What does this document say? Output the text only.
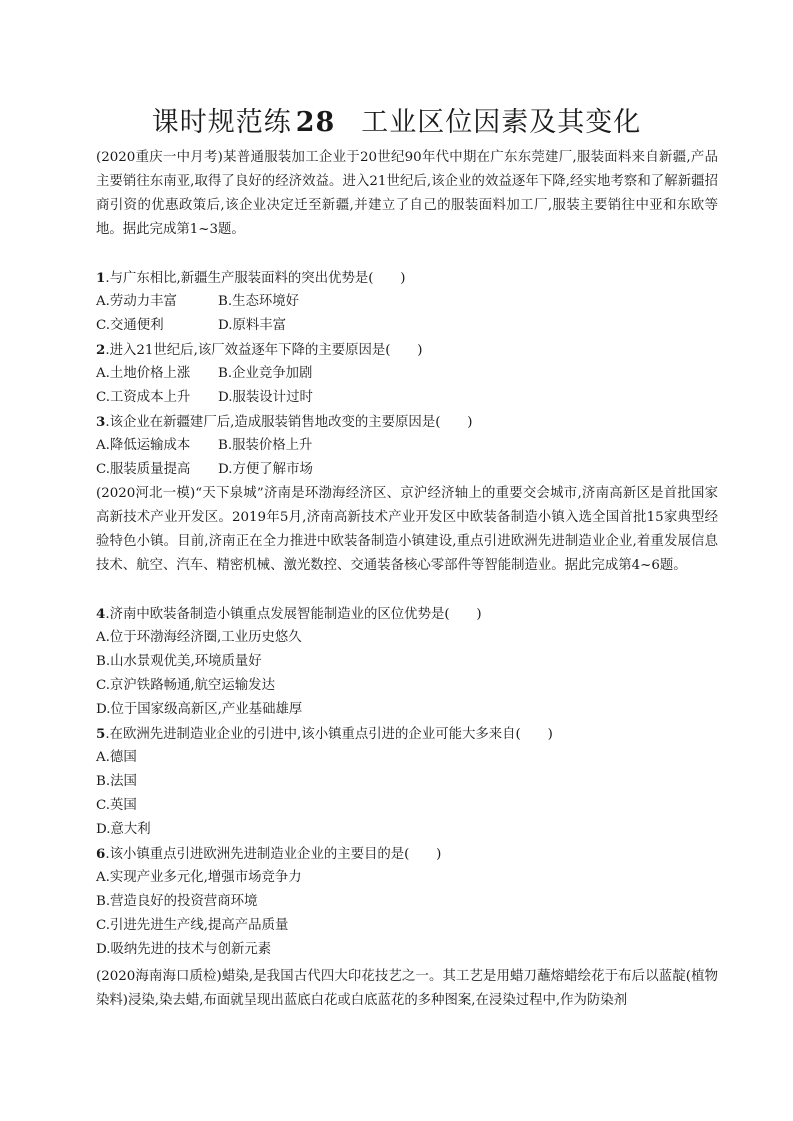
课时规范练 28 工业区位因素及其变化
(2020重庆一中月考)某普通服装加工企业于20世纪90年代中期在广东东莞建厂,服装面料来自新疆,产品主要销往东南亚,取得了良好的经济效益。进入21世纪后,该企业的效益逐年下降,经实地考察和了解新疆招商引资的优惠政策后,该企业决定迁至新疆,并建立了自己的服装面料加工厂,服装主要销往中亚和东欧等地。据此完成第1~3题。
1.与广东相比,新疆生产服装面料的突出优势是(　　)
A.劳动力丰富	B.生态环境好
C.交通便利	D.原料丰富
2.进入21世纪后,该厂效益逐年下降的主要原因是(　　)
A.土地价格上涨 B.企业竞争加剧
C.工资成本上升 D.服装设计过时
3.该企业在新疆建厂后,造成服装销售地改变的主要原因是(　　)
A.降低运输成本 B.服装价格上升
C.服装质量提高 D.方便了解市场
(2020河北一模)“天下泉城”济南是环渤海经济区、京沪经济轴上的重要交会城市,济南高新区是首批国家高新技术产业开发区。2019年5月,济南高新技术产业开发区中欧装备制造小镇入选全国首批15家典型经验特色小镇。目前,济南正在全力推进中欧装备制造小镇建设,重点引进欧洲先进制造业企业,着重发展信息技术、航空、汽车、精密机械、激光数控、交通装备核心零部件等智能制造业。据此完成第4~6题。
4.济南中欧装备制造小镇重点发展智能制造业的区位优势是(　　)
A.位于环渤海经济圈,工业历史悠久
B.山水景观优美,环境质量好
C.京沪铁路畅通,航空运输发达
D.位于国家级高新区,产业基础雄厚
5.在欧洲先进制造业企业的引进中,该小镇重点引进的企业可能大多来自(　　)
A.德国
B.法国
C.英国
D.意大利
6.该小镇重点引进欧洲先进制造业企业的主要目的是(　　)
A.实现产业多元化,增强市场竞争力
B.营造良好的投资营商环境
C.引进先进生产线,提高产品质量
D.吸纳先进的技术与创新元素
(2020海南海口质检)蜡染,是我国古代四大印花技艺之一。其工艺是用蜡刀蘸熔蜡绘花于布后以蓝靛(植物染料)浸染,染去蜡,布面就呈现出蓝底白花或白底蓝花的多种图案,在浸染过程中,作为防染剂
